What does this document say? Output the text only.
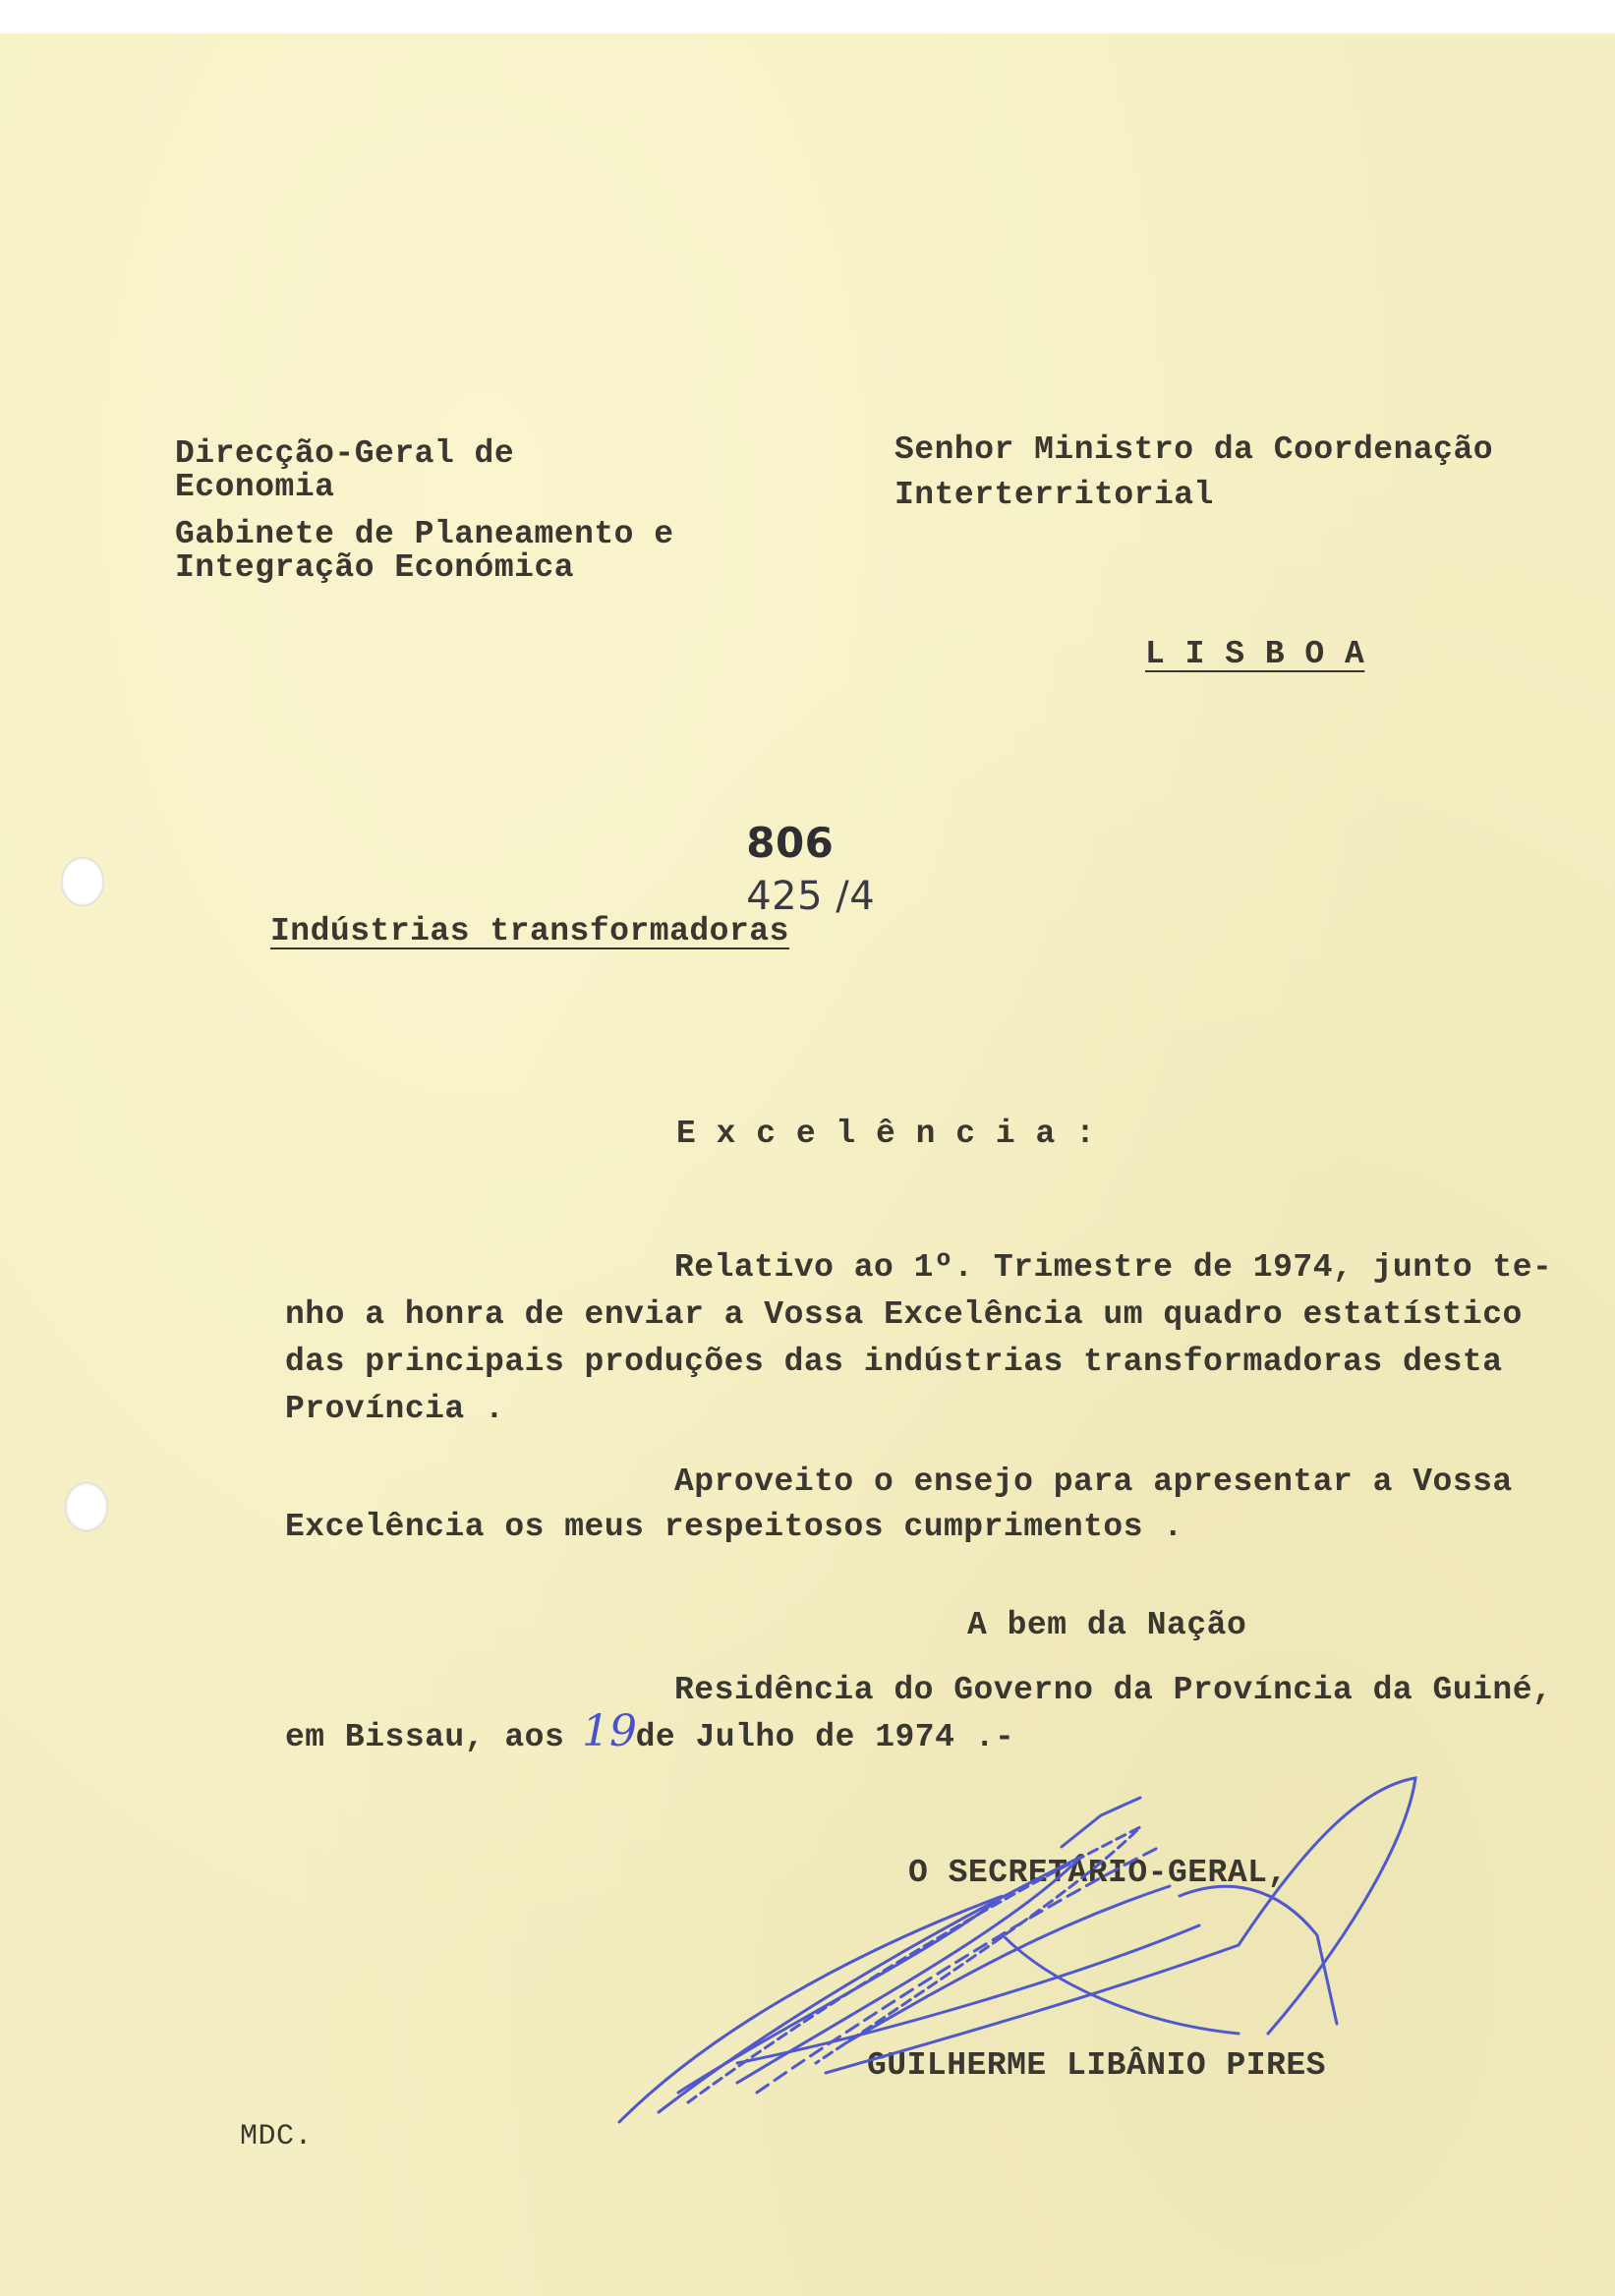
Direcção-Geral de
Economia
Gabinete de Planeamento e
Integração Económica
Senhor Ministro da Coordenação
Interterritorial
L I S B O A

806
425 /4

Indústrias transformadoras
E x c e l ê n c i a :
Relativo ao 1º. Trimestre de 1974, junto te-
nho a honra de enviar a Vossa Excelência um quadro estatístico
das principais produções das indústrias transformadoras desta
Província .
Aproveito o ensejo para apresentar a Vossa
Excelência os meus respeitosos cumprimentos .
A bem da Nação
Residência do Governo da Província da Guiné,
em Bissau, aos de Julho de 1974 .-
19
O SECRETÁRIO-GERAL,
GUILHERME LIBÂNIO PIRES
MDC.
